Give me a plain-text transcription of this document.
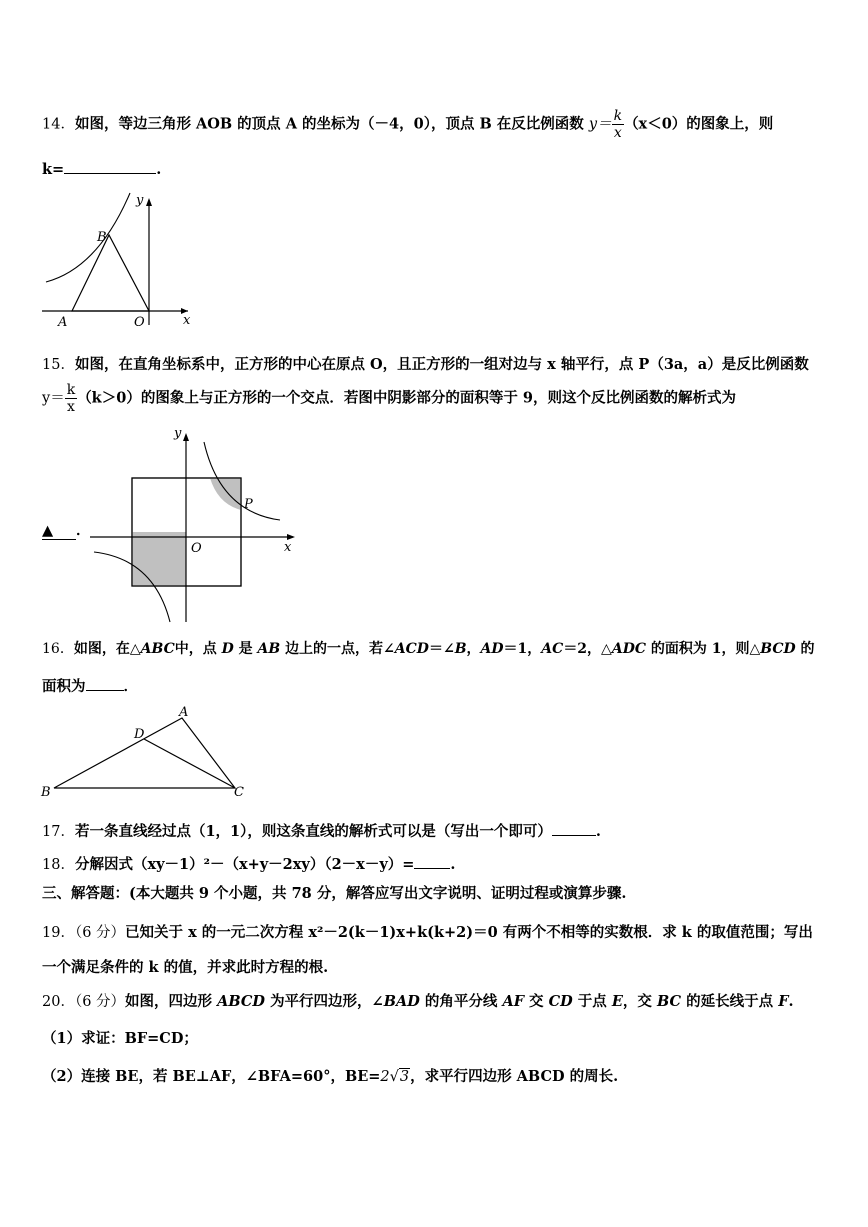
14．如图，等边三角形 AOB 的顶点 A 的坐标为（－4，0），顶点 B 在反比例函数 $y= \frac{k}{x} (x<0)$的图象上，则
k=	.
y
x
B
A	O
15．如图，在直角坐标系中，正方形的中心在原点 O，且正方形的一组对边与 x 轴平行，点 P（3a，a）是反比例函数
$y= \frac{k}{x} (k>0)$的图象上与正方形的一个交点．若图中阴影部分的面积等于 9，则这个反比例函数的解析式为
▲ ．
y
x
O
P
16．如图，在△ABC中，点 D 是 AB 边上的一点，若∠ACD＝∠B，AD＝1，AC＝2，△ADC 的面积为 1，则△BCD 的
面积为	．
A
D
B	C
17．若一条直线经过点（1，1），则这条直线的解析式可以是（写出一个即可）	.
18．分解因式（xy－1）²－（x+y－2xy）（2－x－y）= .
三、解答题：(本大题共 9 个小题，共 78 分，解答应写出文字说明、证明过程或演算步骤.
19．（6 分）已知关于 x 的一元二次方程 x²－2(k－1)x+k(k+2)＝0 有两个不相等的实数根．求 k 的取值范围；写出
一个满足条件的 k 的值，并求此时方程的根.
20．（6 分）如图，四边形 ABCD 为平行四边形，∠BAD 的角平分线 AF 交 CD 于点 E，交 BC 的延长线于点 F.
（1）求证：BF=CD；
（2）连接 BE，若 BE⊥AF，∠BFA=60°，BE=2√3，求平行四边形 ABCD 的周长.
